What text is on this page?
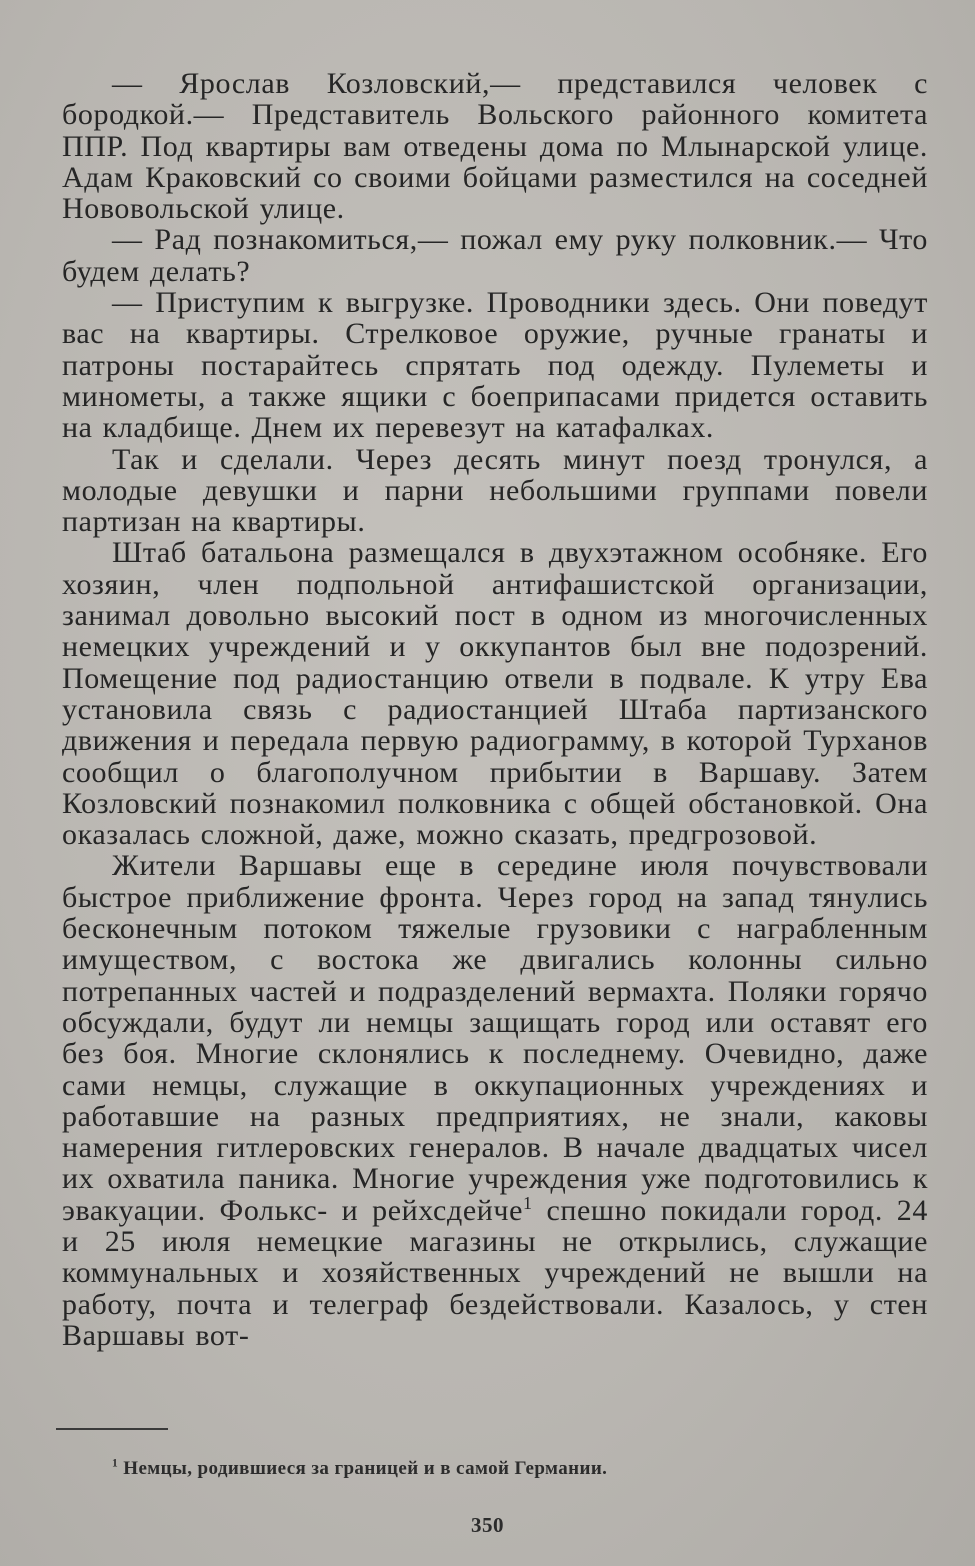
— Ярослав Козловский,— представился человек с бородкой.— Представитель Вольского районного комитета ППР. Под квартиры вам отведены дома по Млынарской улице. Адам Краковский со своими бойцами разместился на соседней Нововольской улице.

— Рад познакомиться,— пожал ему руку полковник.— Что будем делать?

— Приступим к выгрузке. Проводники здесь. Они поведут вас на квартиры. Стрелковое оружие, ручные гранаты и патроны постарайтесь спрятать под одежду. Пулеметы и минометы, а также ящики с боеприпасами придется оставить на кладбище. Днем их перевезут на катафалках.

Так и сделали. Через десять минут поезд тронулся, а молодые девушки и парни небольшими группами повели партизан на квартиры.

Штаб батальона размещался в двухэтажном особняке. Его хозяин, член подпольной антифашистской организации, занимал довольно высокий пост в одном из многочисленных немецких учреждений и у оккупантов был вне подозрений. Помещение под радиостанцию отвели в подвале. К утру Ева установила связь с радиостанцией Штаба партизанского движения и передала первую радиограмму, в которой Турханов сообщил о благополучном прибытии в Варшаву. Затем Козловский познакомил полковника с общей обстановкой. Она оказалась сложной, даже, можно сказать, предгрозовой.

Жители Варшавы еще в середине июля почувствовали быстрое приближение фронта. Через город на запад тянулись бесконечным потоком тяжелые грузовики с награбленным имуществом, с востока же двигались колонны сильно потрепанных частей и подразделений вермахта. Поляки горячо обсуждали, будут ли немцы защищать город или оставят его без боя. Многие склонялись к последнему. Очевидно, даже сами немцы, служащие в оккупационных учреждениях и работавшие на разных предприятиях, не знали, каковы намерения гитлеровских генералов. В начале двадцатых чисел их охватила паника. Многие учреждения уже подготовились к эвакуации. Фолькс- и рейхсдейче$^1$ спешно покидали город. 24 и 25 июля немецкие магазины не открылись, служащие коммунальных и хозяйственных учреждений не вышли на работу, почта и телеграф бездействовали. Казалось, у стен Варшавы вот-

$^1$ Немцы, родившиеся за границей и в самой Германии.

350
